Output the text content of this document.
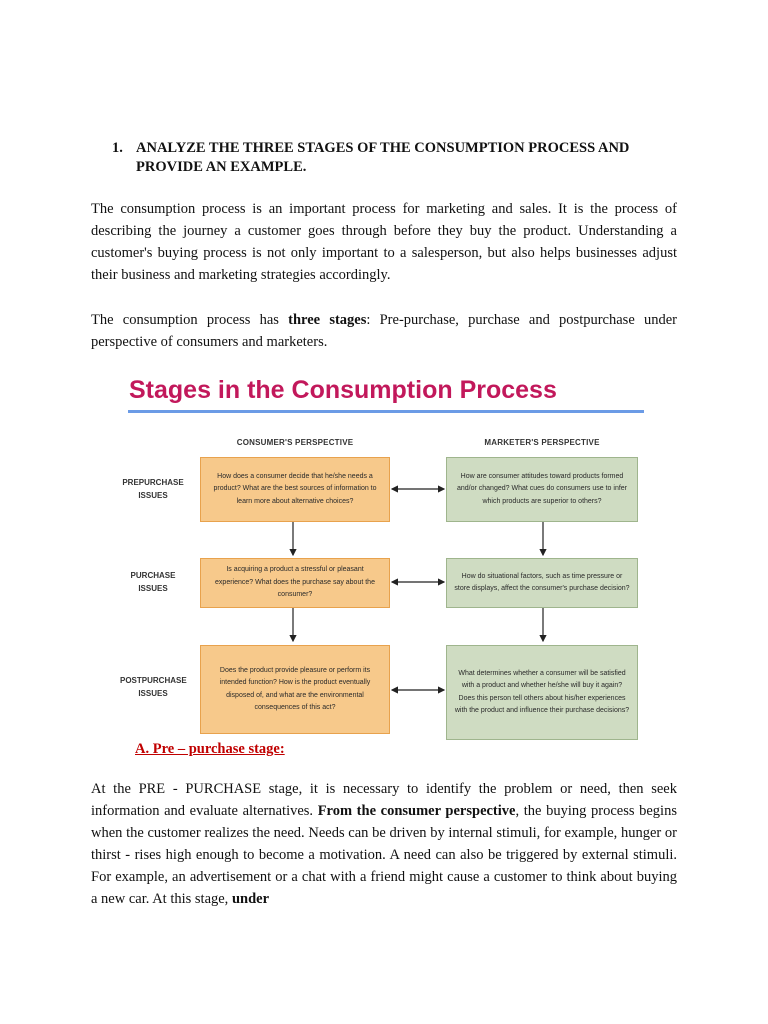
1. ANALYZE THE THREE STAGES OF THE CONSUMPTION PROCESS AND PROVIDE AN EXAMPLE.
The consumption process is an important process for marketing and sales. It is the process of describing the journey a customer goes through before they buy the product. Understanding a customer's buying process is not only important to a salesperson, but also helps businesses adjust their business and marketing strategies accordingly.
The consumption process has three stages: Pre-purchase, purchase and postpurchase under perspective of consumers and marketers.
Stages in the Consumption Process
CONSUMER'S PERSPECTIVE	MARKETER'S PERSPECTIVE
PREPURCHASE ISSUES
How does a consumer decide that he/she needs a product? What are the best sources of information to learn more about alternative choices?
How are consumer attitudes toward products formed and/or changed? What cues do consumers use to infer which products are superior to others?
PURCHASE ISSUES
Is acquiring a product a stressful or pleasant experience? What does the purchase say about the consumer?
How do situational factors, such as time pressure or store displays, affect the consumer's purchase decision?
POSTPURCHASE ISSUES
Does the product provide pleasure or perform its intended function? How is the product eventually disposed of, and what are the environmental consequences of this act?
What determines whether a consumer will be satisfied with a product and whether he/she will buy it again? Does this person tell others about his/her experiences with the product and influence their purchase decisions?
A. Pre – purchase stage:
At the PRE - PURCHASE stage, it is necessary to identify the problem or need, then seek information and evaluate alternatives. From the consumer perspective, the buying process begins when the customer realizes the need. Needs can be driven by internal stimuli, for example, hunger or thirst - rises high enough to become a motivation. A need can also be triggered by external stimuli. For example, an advertisement or a chat with a friend might cause a customer to think about buying a new car. At this stage, under
